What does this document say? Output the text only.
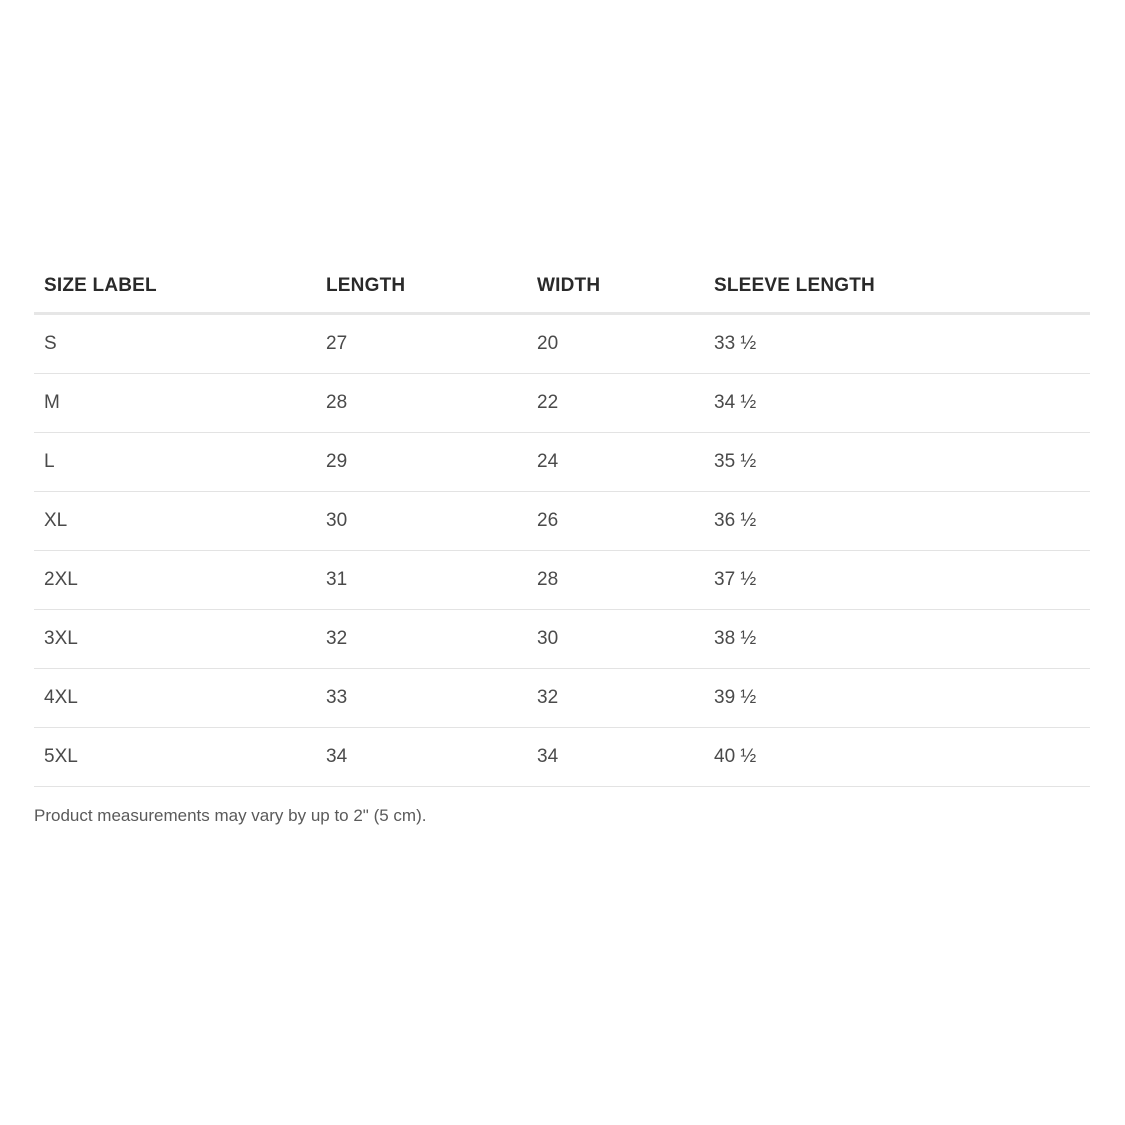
SIZE LABEL	LENGTH	WIDTH	SLEEVE LENGTH
S	27	20	33 ½
M	28	22	34 ½
L	29	24	35 ½
XL	30	26	36 ½
2XL	31	28	37 ½
3XL	32	30	38 ½
4XL	33	32	39 ½
5XL	34	34	40 ½
Product measurements may vary by up to 2" (5 cm).
